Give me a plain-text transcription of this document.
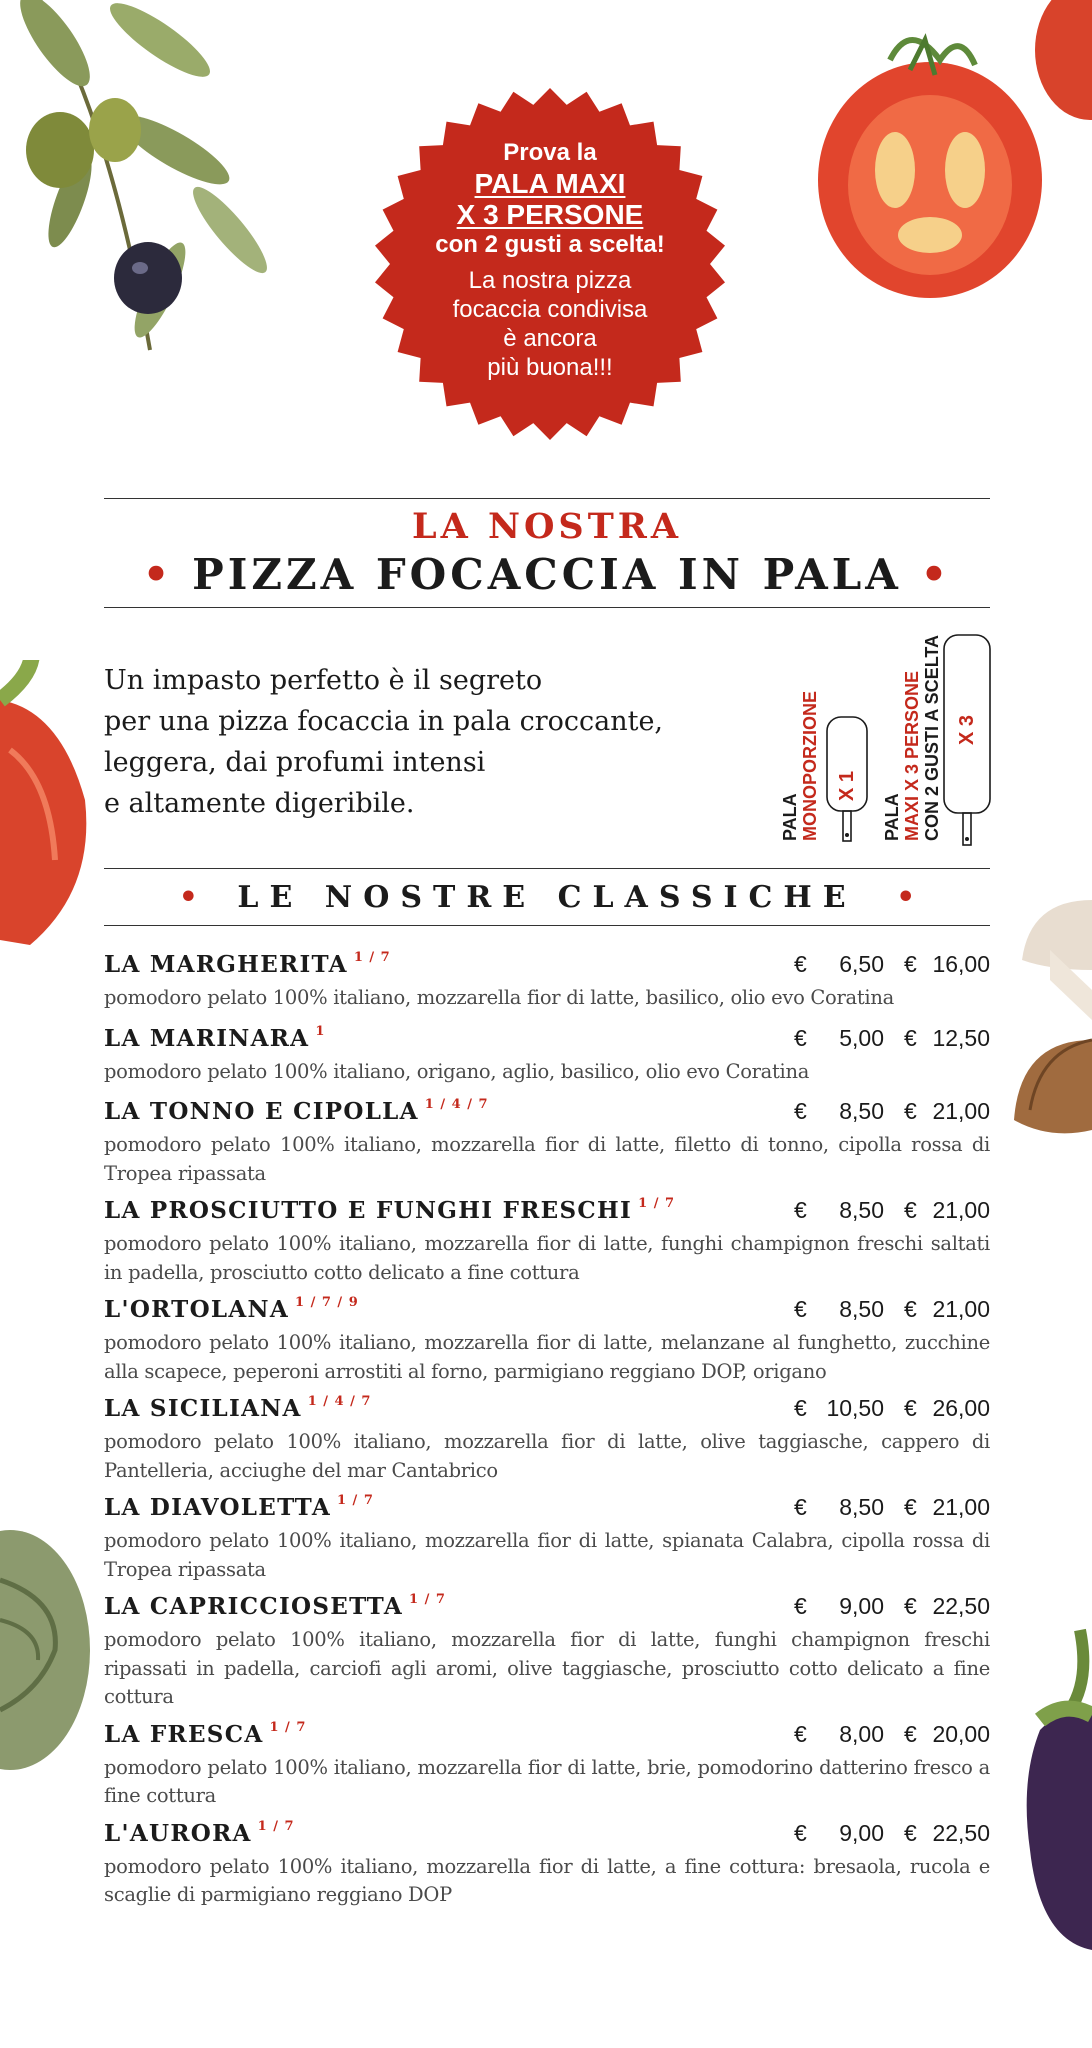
Prova la
PALA MAXI
X 3 PERSONE
con 2 gusti a scelta!
La nostra pizza
focaccia condivisa
è ancora
più buona!!!
LA NOSTRA
• PIZZA FOCACCIA IN PALA •
Un impasto perfetto è il segreto
per una pizza focaccia in pala croccante,
leggera, dai profumi intensi
e altamente digeribile.	PALA MONOPORZIONE X 1
PALA MAXI X 3 PERSONE CON 2 GUSTI A SCELTA X 3
• LE NOSTRE CLASSICHE •
LA MARGHERITA $^{1 / 7}$	€ 6,50 € 16,00
pomodoro pelato 100% italiano, mozzarella fior di latte, basilico, olio evo Coratina
LA MARINARA $^1$	€ 5,00 € 12,50
pomodoro pelato 100% italiano, origano, aglio, basilico, olio evo Coratina
LA TONNO E CIPOLLA $^{1 / 4 / 7}$	€ 8,50 € 21,00
pomodoro pelato 100% italiano, mozzarella fior di latte, filetto di tonno, cipolla rossa di Tropea ripassata
LA PROSCIUTTO E FUNGHI FRESCHI $^{1 / 7}$	€ 8,50 € 21,00
pomodoro pelato 100% italiano, mozzarella fior di latte, funghi champignon freschi saltati in padella, prosciutto cotto delicato a fine cottura
L'ORTOLANA $^{1 / 7 / 9}$	€ 8,50 € 21,00
pomodoro pelato 100% italiano, mozzarella fior di latte, melanzane al funghetto, zucchine alla scapece, peperoni arrostiti al forno, parmigiano reggiano DOP, origano
LA SICILIANA $^{1 / 4 / 7}$	€ 10,50 € 26,00
pomodoro pelato 100% italiano, mozzarella fior di latte, olive taggiasche, cappero di Pantelleria, acciughe del mar Cantabrico
LA DIAVOLETTA $^{1 / 7}$	€ 8,50 € 21,00
pomodoro pelato 100% italiano, mozzarella fior di latte, spianata Calabra, cipolla rossa di Tropea ripassata
LA CAPRICCIOSETTA $^{1 / 7}$	€ 9,00 € 22,50
pomodoro pelato 100% italiano, mozzarella fior di latte, funghi champignon freschi ripassati in padella, carciofi agli aromi, olive taggiasche, prosciutto cotto delicato a fine cottura
LA FRESCA $^{1 / 7}$	€ 8,00 € 20,00
pomodoro pelato 100% italiano, mozzarella fior di latte, brie, pomodorino datterino fresco a fine cottura
L'AURORA $^{1 / 7}$	€ 9,00 € 22,50
pomodoro pelato 100% italiano, mozzarella fior di latte, a fine cottura: bresaola, rucola e scaglie di parmigiano reggiano DOP
